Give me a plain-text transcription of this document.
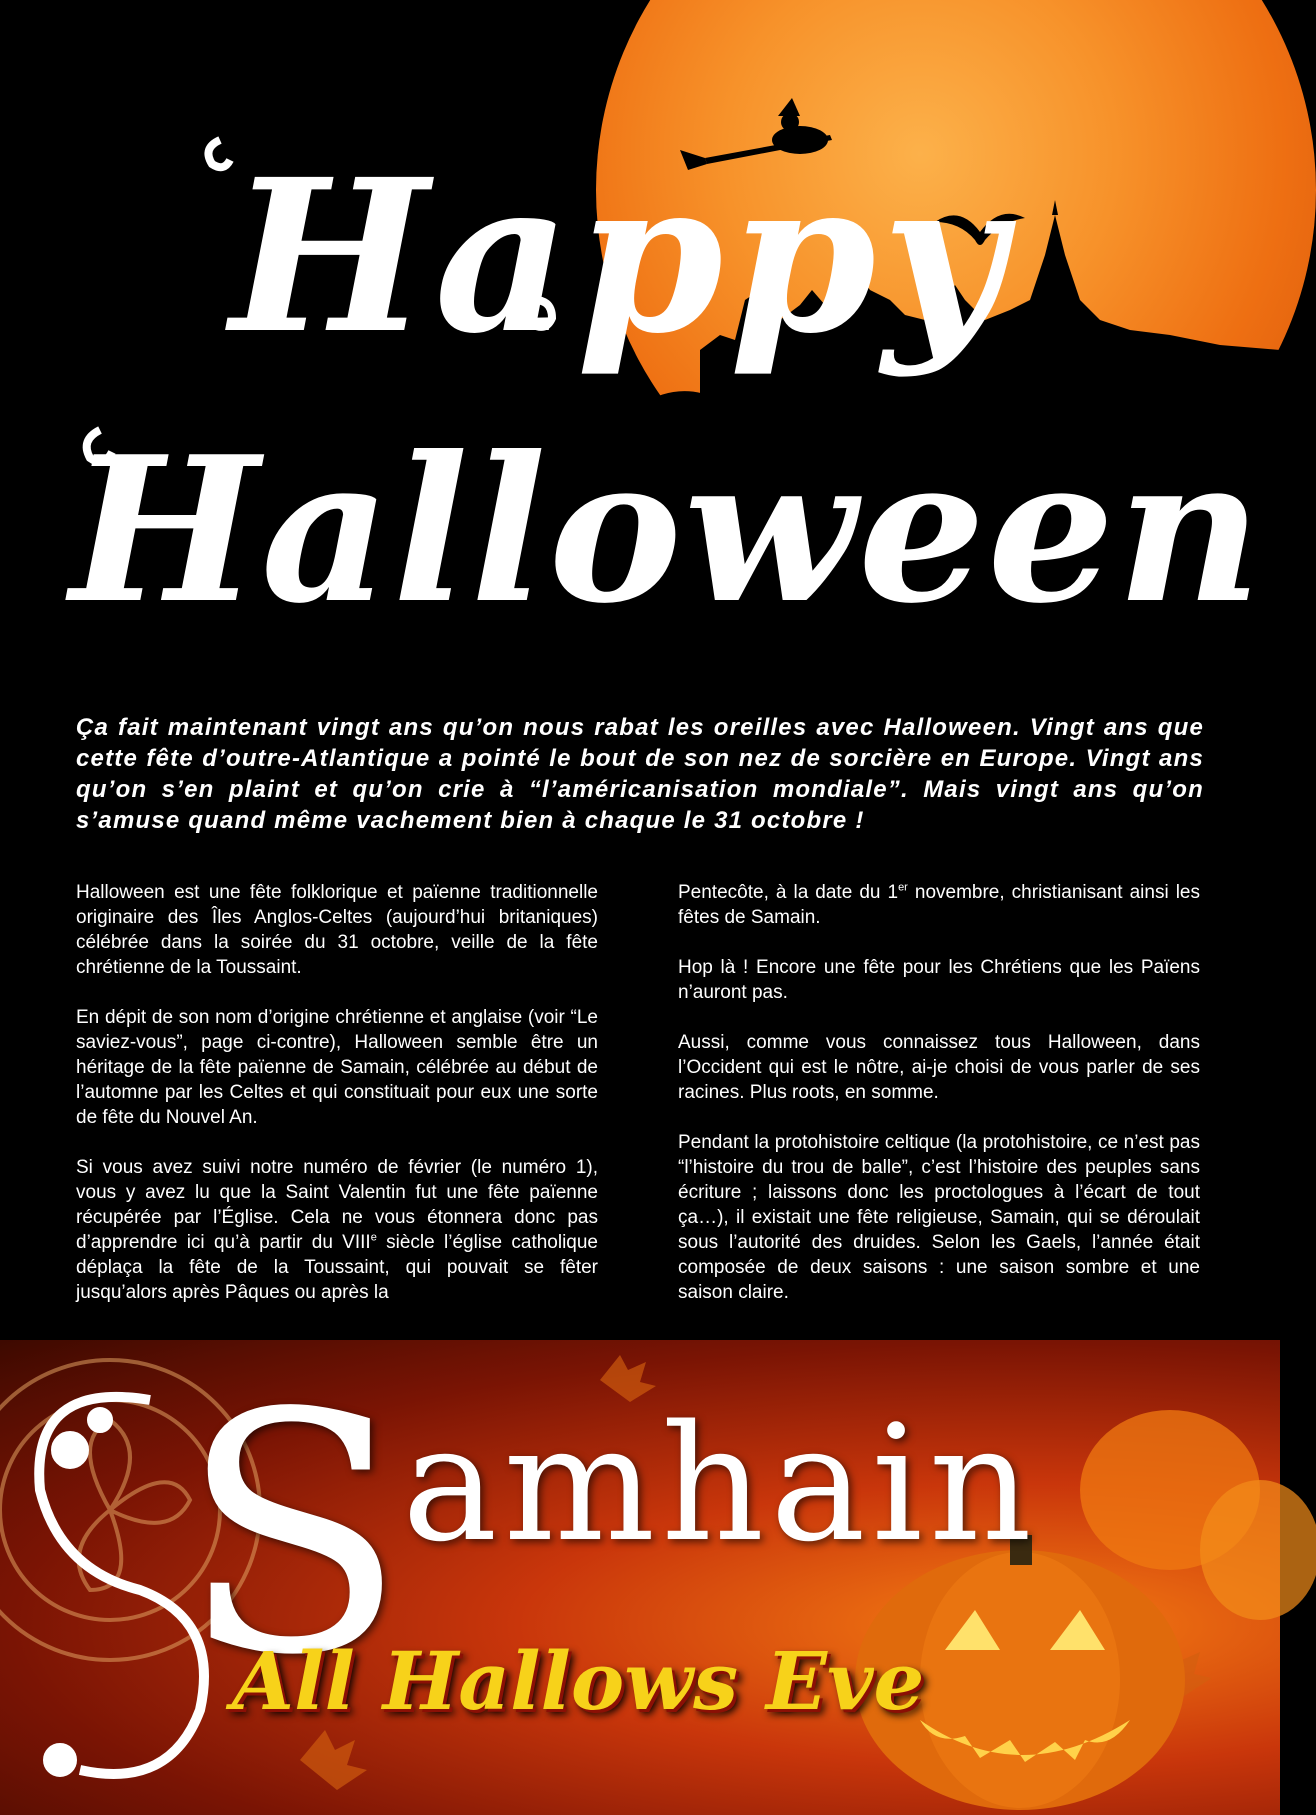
Happy
Halloween

Ça fait maintenant vingt ans qu’on nous rabat les oreilles avec Halloween. Vingt ans que cette fête d’outre-Atlantique a pointé le bout de son nez de sorcière en Europe. Vingt ans qu’on s’en plaint et qu’on crie à “l’américanisation mondiale”. Mais vingt ans qu’on s’amuse quand même vachement bien à chaque le 31 octobre !

Halloween est une fête folklorique et païenne traditionnelle originaire des Îles Anglos-Celtes (aujourd’hui britaniques) célébrée dans la soirée du 31 octobre, veille de la fête chrétienne de la Toussaint.

En dépit de son nom d’origine chrétienne et anglaise (voir “Le saviez-vous”, page ci-contre), Halloween semble être un héritage de la fête païenne de Samain, célébrée au début de l’automne par les Celtes et qui constituait pour eux une sorte de fête du Nouvel An.

Si vous avez suivi notre numéro de février (le numéro 1), vous y avez lu que la Saint Valentin fut une fête païenne récupérée par l’Église. Cela ne vous étonnera donc pas d’apprendre ici qu’à partir du VIIIe siècle l’église catholique déplaça la fête de la Toussaint, qui pouvait se fêter jusqu’alors après Pâques ou après la

Pentecôte, à la date du 1er novembre, christianisant ainsi les fêtes de Samain.

Hop là ! Encore une fête pour les Chrétiens que les Païens n’auront pas.

Aussi, comme vous connaissez tous Halloween, dans l’Occident qui est le nôtre, ai-je choisi de vous parler de ses racines. Plus roots, en somme.

Pendant la protohistoire celtique (la protohistoire, ce n’est pas “l’histoire du trou de balle”, c’est l’histoire des peuples sans écriture ; laissons donc les proctologues à l’écart de tout ça…), il existait une fête religieuse, Samain, qui se déroulait sous l’autorité des druides. Selon les Gaels, l’année était composée de deux saisons : une saison sombre et une saison claire.

Samhain
All Hallows Eve
